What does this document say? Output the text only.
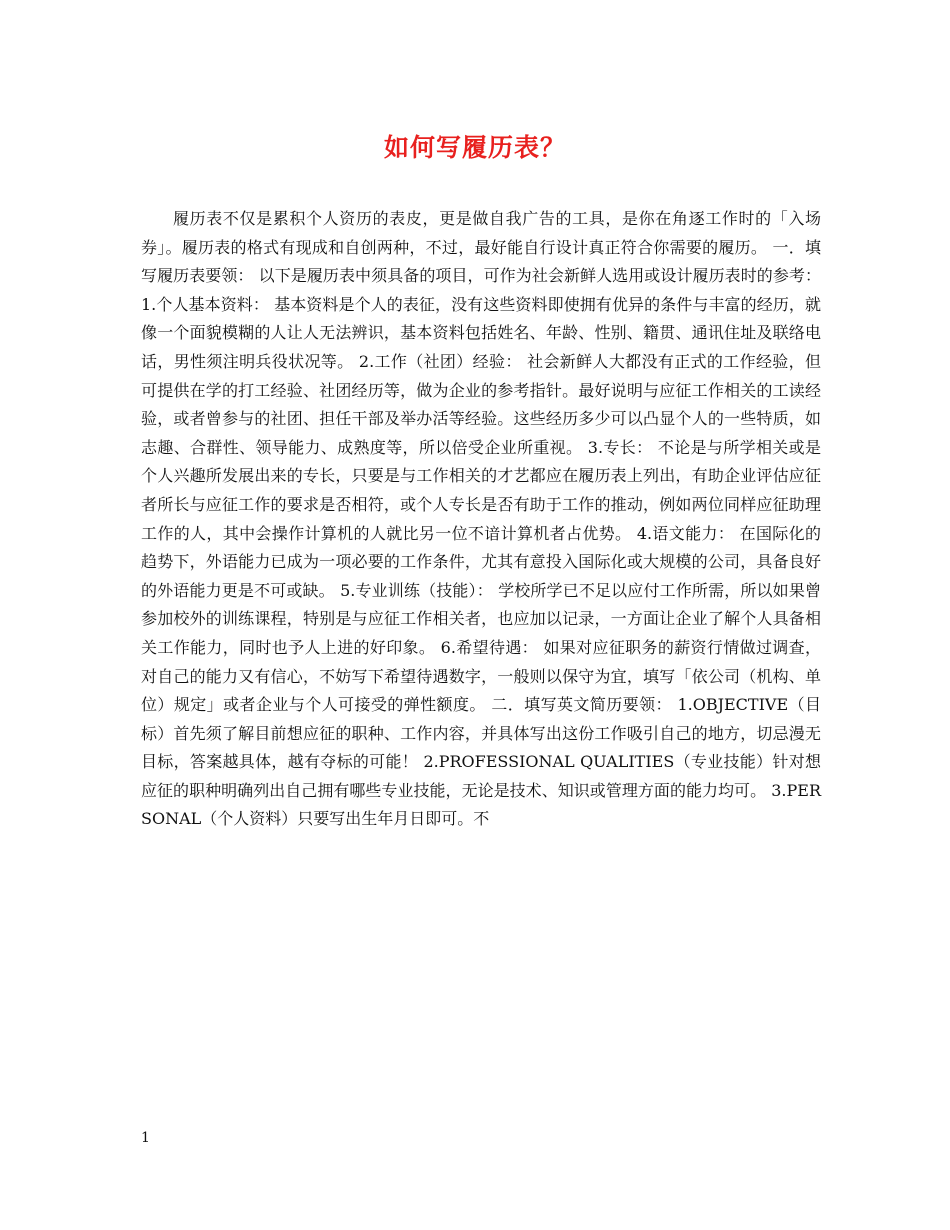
如何写履历表？

履历表不仅是累积个人资历的表皮，更是做自我广告的工具，是你在角逐工作时的「入场券」。履历表的格式有现成和自创两种，不过，最好能自行设计真正符合你需要的履历。 一．填写履历表要领： 以下是履历表中须具备的项目，可作为社会新鲜人选用或设计履历表时的参考： 1.个人基本资料： 基本资料是个人的表征，没有这些资料即使拥有优异的条件与丰富的经历，就像一个面貌模糊的人让人无法辨识，基本资料包括姓名、年龄、性别、籍贯、通讯住址及联络电话，男性须注明兵役状况等。 2.工作（社团）经验： 社会新鲜人大都没有正式的工作经验，但可提供在学的打工经验、社团经历等，做为企业的参考指针。最好说明与应征工作相关的工读经验，或者曾参与的社团、担任干部及举办活等经验。这些经历多少可以凸显个人的一些特质，如志趣、合群性、领导能力、成熟度等，所以倍受企业所重视。 3.专长： 不论是与所学相关或是个人兴趣所发展出来的专长，只要是与工作相关的才艺都应在履历表上列出，有助企业评估应征者所长与应征工作的要求是否相符，或个人专长是否有助于工作的推动，例如两位同样应征助理工作的人，其中会操作计算机的人就比另一位不谙计算机者占优势。 4.语文能力： 在国际化的趋势下，外语能力已成为一项必要的工作条件，尤其有意投入国际化或大规模的公司，具备良好的外语能力更是不可或缺。 5.专业训练（技能）： 学校所学已不足以应付工作所需，所以如果曾参加校外的训练课程，特别是与应征工作相关者，也应加以记录，一方面让企业了解个人具备相关工作能力，同时也予人上进的好印象。 6.希望待遇： 如果对应征职务的薪资行情做过调查，对自己的能力又有信心，不妨写下希望待遇数字，一般则以保守为宜，填写「依公司（机构、单位）规定」或者企业与个人可接受的弹性额度。 二．填写英文简历要领： 1.OBJECTIVE（目标）首先须了解目前想应征的职种、工作内容，并具体写出这份工作吸引自己的地方，切忌漫无目标，答案越具体，越有夺标的可能！ 2.PROFESSIONAL QUALITIES（专业技能）针对想应征的职种明确列出自己拥有哪些专业技能，无论是技术、知识或管理方面的能力均可。 3.PERSONAL（个人资料）只要写出生年月日即可。不

1
